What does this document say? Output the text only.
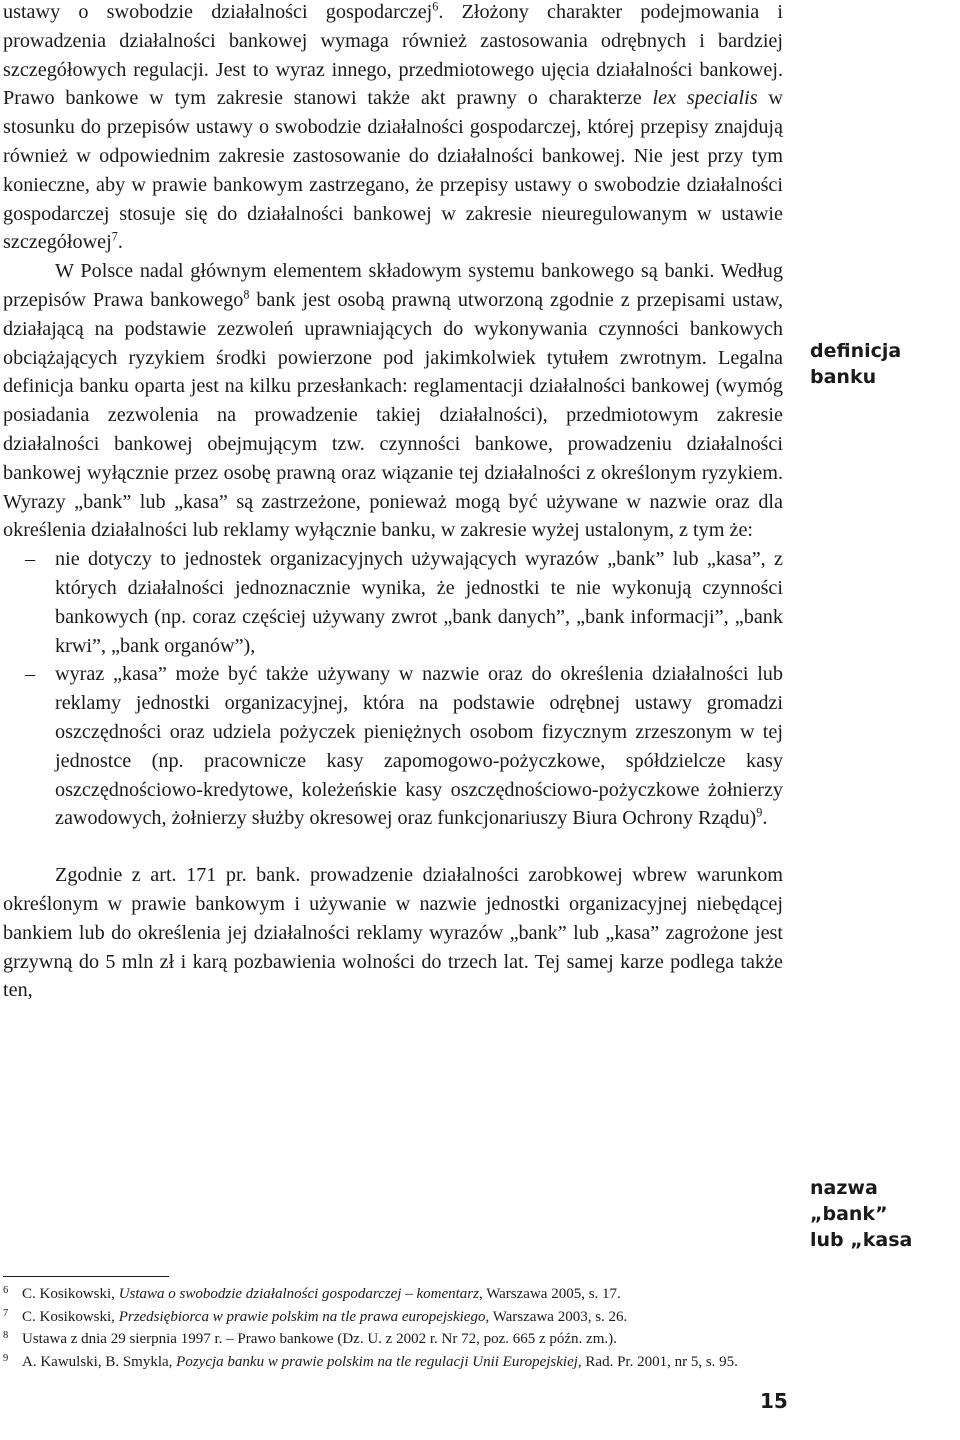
ustawy o swobodzie działalności gospodarczej$^6$. Złożony charakter podejmowania i prowadzenia działalności bankowej wymaga również zastosowania odrębnych i bardziej szczegółowych regulacji. Jest to wyraz innego, przedmiotowego ujęcia działalności bankowej. Prawo bankowe w tym zakresie stanowi także akt prawny o charakterze lex specialis w stosunku do przepisów ustawy o swobodzie działalności gospodarczej, której przepisy znajdują również w odpowiednim zakresie zastosowanie do działalności bankowej. Nie jest przy tym konieczne, aby w prawie bankowym zastrzegano, że przepisy ustawy o swobodzie działalności gospodarczej stosuje się do działalności bankowej w zakresie nieuregulowanym w ustawie szczegółowej$^7$.

W Polsce nadal głównym elementem składowym systemu bankowego są banki. Według przepisów Prawa bankowego$^8$ bank jest osobą prawną utworzoną zgodnie z przepisami ustaw, działającą na podstawie zezwoleń uprawniających do wykonywania czynności bankowych obciążających ryzykiem środki powierzone pod jakimkolwiek tytułem zwrotnym. Legalna definicja banku oparta jest na kilku przesłankach: reglamentacji działalności bankowej (wymóg posiadania zezwolenia na prowadzenie takiej działalności), przedmiotowym zakresie działalności bankowej obejmującym tzw. czynności bankowe, prowadzeniu działalności bankowej wyłącznie przez osobę prawną oraz wiązanie tej działalności z określonym ryzykiem. Wyrazy „bank” lub „kasa” są zastrzeżone, ponieważ mogą być używane w nazwie oraz dla określenia działalności lub reklamy wyłącznie banku, w zakresie wyżej ustalonym, z tym że:

– nie dotyczy to jednostek organizacyjnych używających wyrazów „bank” lub „kasa”, z których działalności jednoznacznie wynika, że jednostki te nie wykonują czynności bankowych (np. coraz częściej używany zwrot „bank danych”, „bank informacji”, „bank krwi”, „bank organów”),
– wyraz „kasa” może być także używany w nazwie oraz do określenia działalności lub reklamy jednostki organizacyjnej, która na podstawie odrębnej ustawy gromadzi oszczędności oraz udziela pożyczek pieniężnych osobom fizycznym zrzeszonym w tej jednostce (np. pracownicze kasy zapomogowo-pożyczkowe, spółdzielcze kasy oszczędnościowo-kredytowe, koleżeńskie kasy oszczędnościowo-pożyczkowe żołnierzy zawodowych, żołnierzy służby okresowej oraz funkcjonariuszy Biura Ochrony Rządu)$^9$.

Zgodnie z art. 171 pr. bank. prowadzenie działalności zarobkowej wbrew warunkom określonym w prawie bankowym i używanie w nazwie jednostki organizacyjnej niebędącej bankiem lub do określenia jej działalności reklamy wyrazów „bank” lub „kasa” zagrożone jest grzywną do 5 mln zł i karą pozbawienia wolności do trzech lat. Tej samej karze podlega także ten,

definicja banku
nazwa „bank”
lub „kasa
6 C. Kosikowski, Ustawa o swobodzie działalności gospodarczej – komentarz, Warszawa 2005, s. 17.
7 C. Kosikowski, Przedsiębiorca w prawie polskim na tle prawa europejskiego, Warszawa 2003, s. 26.
8 Ustawa z dnia 29 sierpnia 1997 r. – Prawo bankowe (Dz. U. z 2002 r. Nr 72, poz. 665 z późn. zm.).
9 A. Kawulski, B. Smykla, Pozycja banku w prawie polskim na tle regulacji Unii Europejskiej, Rad. Pr. 2001, nr 5, s. 95.
15
